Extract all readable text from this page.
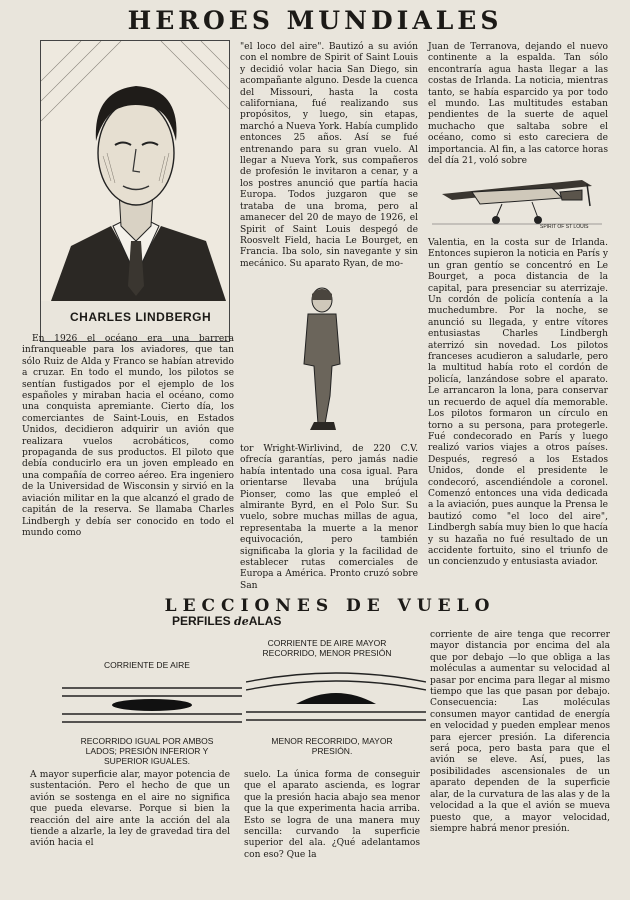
HEROES MUNDIALES
CHARLES LINDBERGH

En 1926 el océano era una barrera infranqueable para los aviadores, que tan sólo Ruiz de Alda y Franco se habían atrevido a cruzar. En todo el mundo, los pilotos se sentían fustigados por el ejemplo de los españoles y miraban hacia el océano, como una conquista apremiante. Cierto día, los comerciantes de Saint-Louis, en Estados Unidos, decidieron adquirir un avión que realizara vuelos acrobáticos, como propaganda de sus productos. El piloto que debía conducirlo era un joven empleado en una compañía de correo aéreo. Era ingeniero de la Universidad de Wisconsin y sirvió en la aviación militar en la que alcanzó el grado de capitán de la reserva. Se llamaba Charles Lindbergh y debía ser conocido en todo el mundo como

"el loco del aire". Bautizó a su avión con el nombre de Spirit of Saint Louis y decidió volar hacia San Diego, sin acompañante alguno. Desde la cuenca del Missouri, hasta la costa californiana, fué realizando sus propósitos, y luego, sin etapas, marchó a Nueva York. Había cumplido entonces 25 años. Así se fué entrenando para su gran vuelo. Al llegar a Nueva York, sus compañeros de profesión le invitaron a cenar, y a los postres anunció que partía hacia Europa. Todos juzgaron que se trataba de una broma, pero al amanecer del 20 de mayo de 1926, el Spirit of Saint Louis despegó de Roosvelt Field, hacia Le Bourget, en Francia. Iba solo, sin navegante y sin mecánico. Su aparato Ryan, de mo-

tor Wright-Wirlivind, de 220 C.V. ofrecía garantías, pero jamás nadie había intentado una cosa igual. Para orientarse llevaba una brújula Pionser, como las que empleó el almirante Byrd, en el Polo Sur. Su vuelo, sobre muchas millas de agua, representaba la muerte a la menor equivocación, pero también significaba la gloria y la facilidad de establecer rutas comerciales de Europa a América. Pronto cruzó sobre San

Juan de Terranova, dejando el nuevo continente a la espalda. Tan sólo encontraría agua hasta llegar a las costas de Irlanda. La noticia, mientras tanto, se había esparcido ya por todo el mundo. Las multitudes estaban pendientes de la suerte de aquel muchacho que saltaba sobre el océano, como si esto careciera de importancia. Al fin, a las catorce horas del día 21, voló sobre

SPIRIT OF ST LOUIS

Valentia, en la costa sur de Irlanda. Entonces supieron la noticia en París y un gran gentío se concentró en Le Bourget, a poca distancia de la capital, para presenciar su aterrizaje. Un cordón de policía contenía a la muchedumbre. Por la noche, se anunció su llegada, y entre vítores entusiastas Charles Lindbergh aterrizó sin novedad. Los pilotos franceses acudieron a saludarle, pero la multitud había roto el cordón de policía, lanzándose sobre el aparato. Le arrancaron la lona, para conservar un recuerdo de aquel día memorable. Los pilotos formaron un círculo en torno a su persona, para protegerle. Fué condecorado en París y luego realizó varios viajes a otros países. Después, regresó a los Estados Unidos, donde el presidente le condecoró, ascendiéndole a coronel. Comenzó entonces una vida dedicada a la aviación, pues aunque la Prensa le bautizó como "el loco del aire", Lindbergh sabía muy bien lo que hacía y su hazaña no fué resultado de un accidente fortuito, sino el triunfo de un concienzudo y entusiasta aviador.

LECCIONES DE VUELO
PERFILES deALAS
CORRIENTE DE AIRE
RECORRIDO IGUAL POR AMBOS LADOS; PRESIÓN INFERIOR Y SUPERIOR IGUALES.
CORRIENTE DE AIRE MAYOR RECORRIDO, MENOR PRESIÓN
MENOR RECORRIDO, MAYOR PRESIÓN.

A mayor superficie alar, mayor potencia de sustentación. Pero el hecho de que un avión se sostenga en el aire no significa que pueda elevarse. Porque si bien la reacción del aire ante la acción del ala tiende a alzarle, la ley de gravedad tira del avión hacia el

suelo. La única forma de conseguir que el aparato ascienda, es lograr que la presión hacia abajo sea menor que la que experimenta hacia arriba. Esto se logra de una manera muy sencilla: curvando la superficie superior del ala. ¿Qué adelantamos con eso? Que la

corriente de aire tenga que recorrer mayor distancia por encima del ala que por debajo —lo que obliga a las moléculas a aumentar su velocidad al pasar por encima para llegar al mismo tiempo que las que pasan por debajo. Consecuencia: Las moléculas consumen mayor cantidad de energía en velocidad y pueden emplear menos para ejercer presión. La diferencia será poca, pero basta para que el avión se eleve. Así, pues, las posibilidades ascensionales de un aparato dependen de la superficie alar, de la curvatura de las alas y de la velocidad a la que el avión se mueva puesto que, a mayor velocidad, siempre habrá menor presión.
